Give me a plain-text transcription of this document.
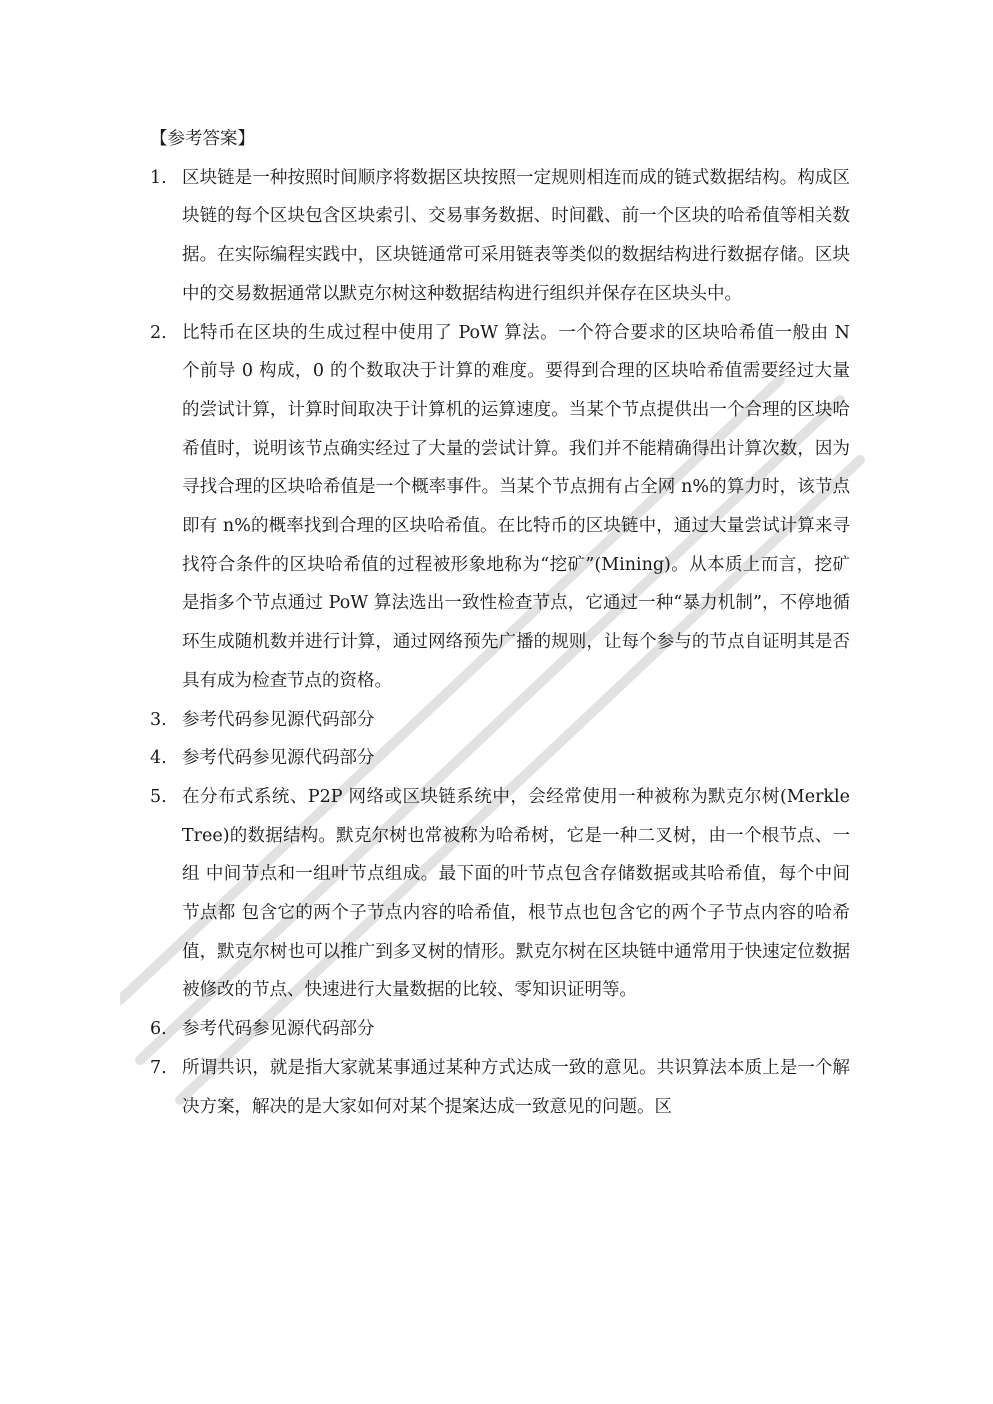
【参考答案】

1. 区块链是一种按照时间顺序将数据区块按照一定规则相连而成的链式数据结构。构成区块链的每个区块包含区块索引、交易事务数据、时间戳、前一个区块的哈希值等相关数据。在实际编程实践中，区块链通常可采用链表等类似的数据结构进行数据存储。区块中的交易数据通常以默克尔树这种数据结构进行组织并保存在区块头中。
2. 比特币在区块的生成过程中使用了 PoW 算法。一个符合要求的区块哈希值一般由 N 个前导 0 构成，0 的个数取决于计算的难度。要得到合理的区块哈希值需要经过大量的尝试计算，计算时间取决于计算机的运算速度。当某个节点提供出一个合理的区块哈希值时，说明该节点确实经过了大量的尝试计算。我们并不能精确得出计算次数，因为寻找合理的区块哈希值是一个概率事件。当某个节点拥有占全网 n%的算力时，该节点即有 n%的概率找到合理的区块哈希值。在比特币的区块链中，通过大量尝试计算来寻找符合条件的区块哈希值的过程被形象地称为“挖矿”(Mining)。从本质上而言，挖矿是指多个节点通过 PoW 算法选出一致性检查节点，它通过一种“暴力机制”，不停地循环生成随机数并进行计算，通过网络预先广播的规则，让每个参与的节点自证明其是否具有成为检查节点的资格。
3. 参考代码参见源代码部分
4. 参考代码参见源代码部分
5. 在分布式系统、P2P 网络或区块链系统中，会经常使用一种被称为默克尔树(Merkle Tree)的数据结构。默克尔树也常被称为哈希树，它是一种二叉树，由一个根节点、一组 中间节点和一组叶节点组成。最下面的叶节点包含存储数据或其哈希值，每个中间节点都 包含它的两个子节点内容的哈希值，根节点也包含它的两个子节点内容的哈希值，默克尔树也可以推广到多叉树的情形。默克尔树在区块链中通常用于快速定位数据被修改的节点、快速进行大量数据的比较、零知识证明等。
6. 参考代码参见源代码部分
7. 所谓共识，就是指大家就某事通过某种方式达成一致的意见。共识算法本质上是一个解决方案，解决的是大家如何对某个提案达成一致意见的问题。区
